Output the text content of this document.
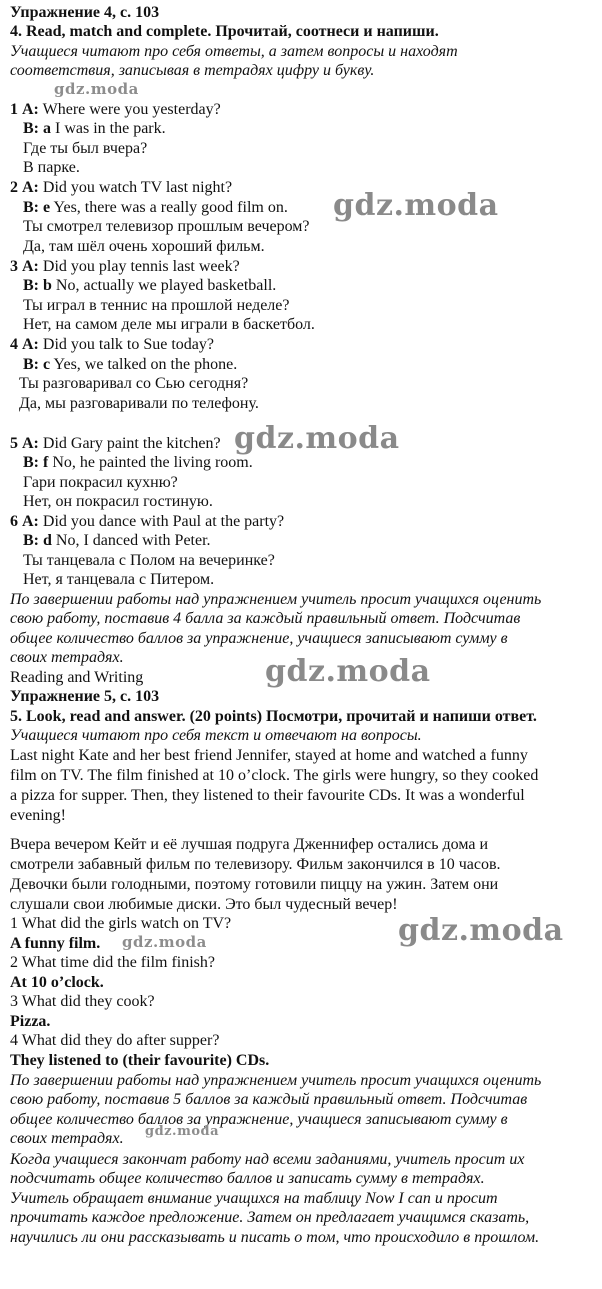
Упражнение 4, с. 103
4. Read, match and complete. Прочитай, соотнеси и напиши.
Учащиеся читают про себя ответы, а затем вопросы и находят
соответствия, записывая в тетрадях цифру и букву.
1 A: Where were you yesterday?
B: a I was in the park.
Где ты был вчера?
В парке.
2 A: Did you watch TV last night?
B: e Yes, there was a really good film on.
Ты смотрел телевизор прошлым вечером?
Да, там шёл очень хороший фильм.
3 A: Did you play tennis last week?
B: b No, actually we played basketball.
Ты играл в теннис на прошлой неделе?
Нет, на самом деле мы играли в баскетбол.
4 A: Did you talk to Sue today?
B: c Yes, we talked on the phone.
Ты разговаривал со Сью сегодня?
Да, мы разговаривали по телефону.
5 A: Did Gary paint the kitchen?
B: f No, he painted the living room.
Гари покрасил кухню?
Нет, он покрасил гостиную.
6 A: Did you dance with Paul at the party?
B: d No, I danced with Peter.
Ты танцевала с Полом на вечеринке?
Нет, я танцевала с Питером.
По завершении работы над упражнением учитель просит учащихся оценить
свою работу, поставив 4 балла за каждый правильный ответ. Подсчитав
общее количество баллов за упражнение, учащиеся записывают сумму в
своих тетрадях.
Reading and Writing
Упражнение 5, с. 103
5. Look, read and answer. (20 points) Посмотри, прочитай и напиши ответ.
Учащиеся читают про себя текст и отвечают на вопросы.
Last night Kate and her best friend Jennifer, stayed at home and watched a funny
film on TV. The film finished at 10 o’clock. The girls were hungry, so they cooked
a pizza for supper. Then, they listened to their favourite CDs. It was a wonderful
evening!
Вчера вечером Кейт и её лучшая подруга Дженнифер остались дома и
смотрели забавный фильм по телевизору. Фильм закончился в 10 часов.
Девочки были голодными, поэтому готовили пиццу на ужин. Затем они
слушали свои любимые диски. Это был чудесный вечер!
1 What did the girls watch on TV?
A funny film.
2 What time did the film finish?
At 10 o’clock.
3 What did they cook?
Pizza.
4 What did they do after supper?
They listened to (their favourite) CDs.
По завершении работы над упражнением учитель просит учащихся оценить
свою работу, поставив 5 баллов за каждый правильный ответ. Подсчитав
общее количество баллов за упражнение, учащиеся записывают сумму в
своих тетрадях.
Когда учащиеся закончат работу над всеми заданиями, учитель просит их
подсчитать общее количество баллов и записать сумму в тетрадях.
Учитель обращает внимание учащихся на таблицу Now I can и просит
прочитать каждое предложение. Затем он предлагает учащимся сказать,
научились ли они рассказывать и писать о том, что происходило в прошлом.
gdz.moda
gdz.moda
gdz.moda
gdz.moda
gdz.moda
gdz.moda
gdz.moda
